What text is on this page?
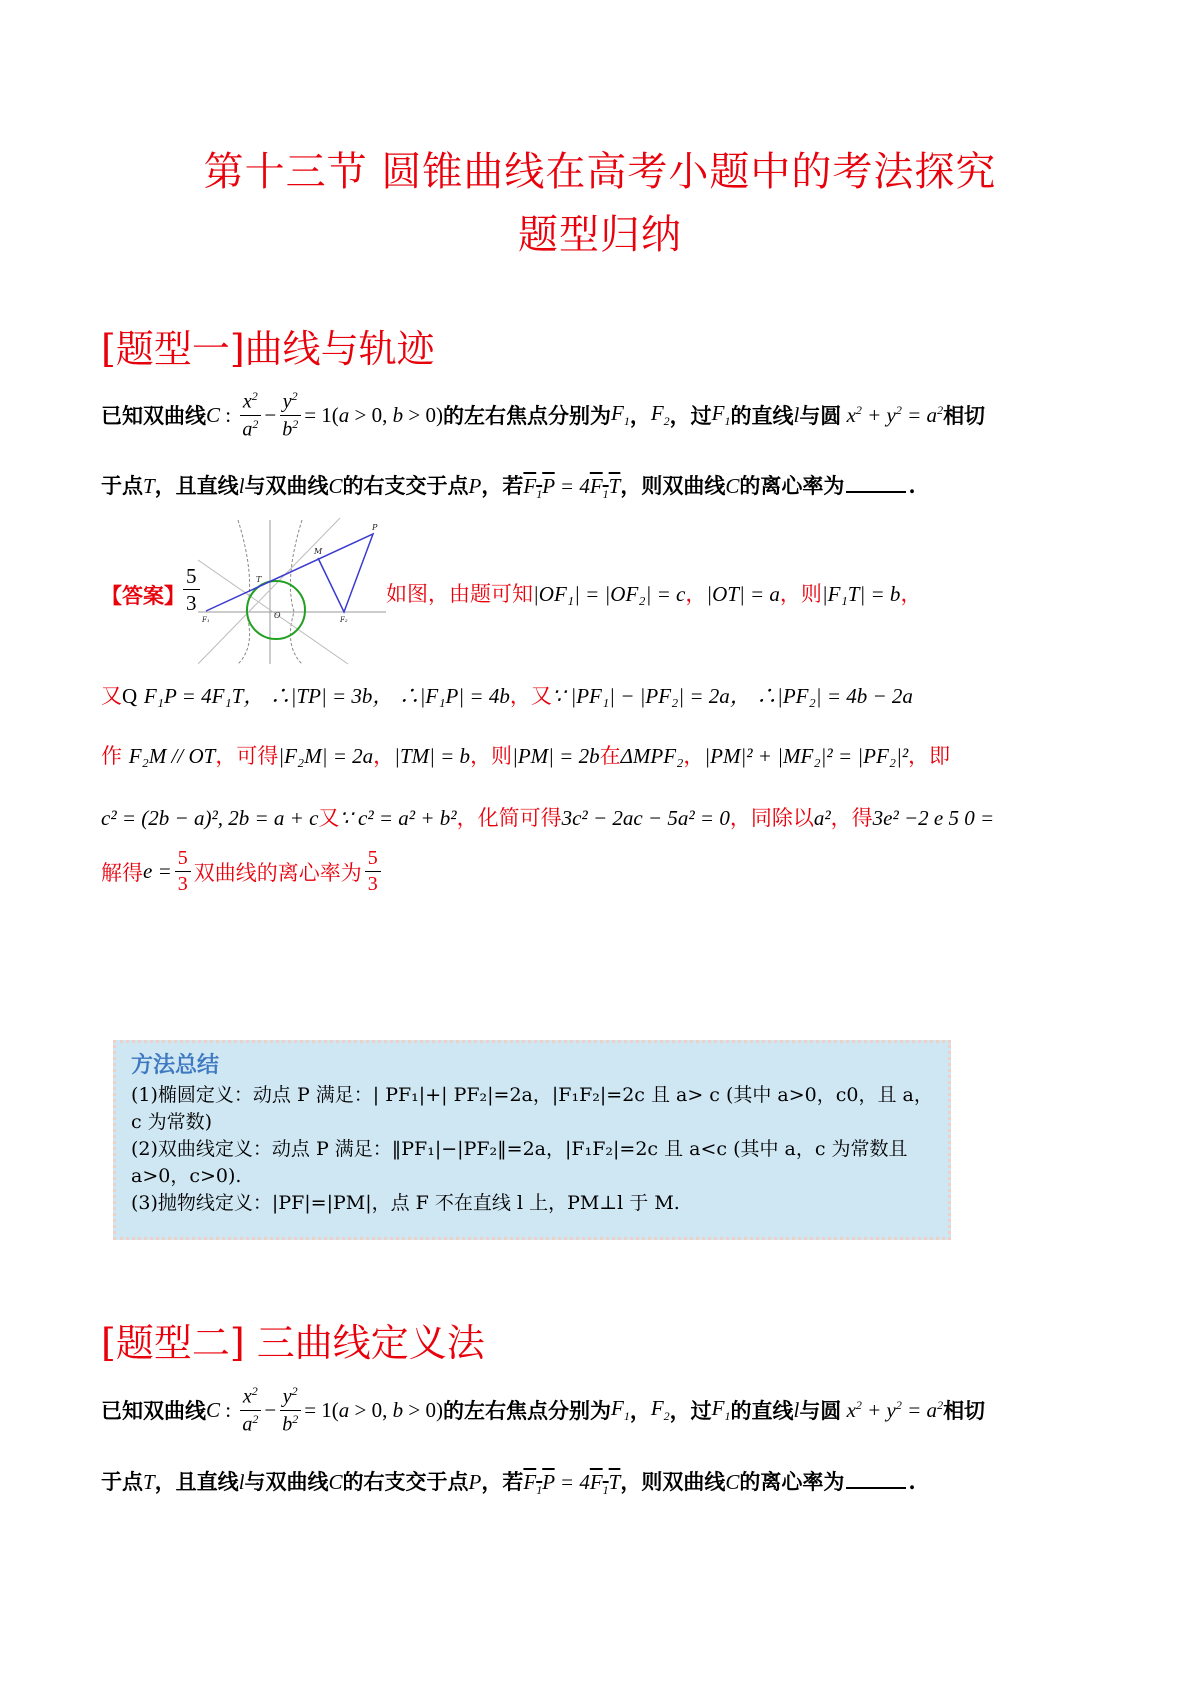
第十三节 圆锥曲线在高考小题中的考法探究
题型归纳
[题型一]曲线与轨迹
已知双曲线 C : $\frac{x^2}{a^2} - \frac{y^2}{b^2} = 1(a > 0$, b > 0) 的左右焦点分别为 $F_1$ ， $F_2$ ，过 $F_1$ 的直线 l 与圆 $x^2 + y^2 = a^2$ 相切
于点T，且直线l与双曲线C的右支交于点P，若$F_1P = 4F_1T$，则双曲线C的离心率为	.
【答案】
$\frac{5}{3}$
P
M
T
O
F₁	F₂
如图，由题可知|OF₁| = |OF₂| = c，|OT| = a，则|F₁T| = b，
又Q F₁P = 4F₁T， ∴|TP| = 3b， ∴|F₁P| = 4b，又∵ |PF₁| − |PF₂| = 2a， ∴|PF₂| = 4b − 2a
作 F₂M // OT，可得|F₂M| = 2a，|TM| = b，则|PM| = 2b在ΔMPF₂，|PM|² + |MF₂|² = |PF₂|²，即
c² = (2b − a)², 2b = a + c又∵ c² = a² + b²，化简可得3c² − 2ac − 5a² = 0，同除以a²，得3e² −2 e 5 0 =
解得 $e = \frac{5}{3}$ 双曲线的离心率为 $\frac{5}{3}$
方法总结
(1)椭圆定义：动点 P 满足：| PF₁|+| PF₂|=2a，|F₁F₂|=2c 且 a> c (其中 a>0，c0，且 a，
c 为常数)
(2)双曲线定义：动点 P 满足：‖PF₁|−|PF₂‖=2a，|F₁F₂|=2c 且 a<c (其中 a，c 为常数且
a>0，c>0).
(3)抛物线定义：|PF|=|PM|，点 F 不在直线 l 上，PM⊥l 于 M.
[题型二] 三曲线定义法
已知双曲线 C : $\frac{x^2}{a^2} - \frac{y^2}{b^2} = 1(a > 0$, b > 0) 的左右焦点分别为 $F_1$ ， $F_2$ ，过 $F_1$ 的直线 l 与圆 $x^2 + y^2 = a^2$ 相切
于点T，且直线l与双曲线C的右支交于点P，若$F_1P = 4F_1T$，则双曲线C的离心率为	.
